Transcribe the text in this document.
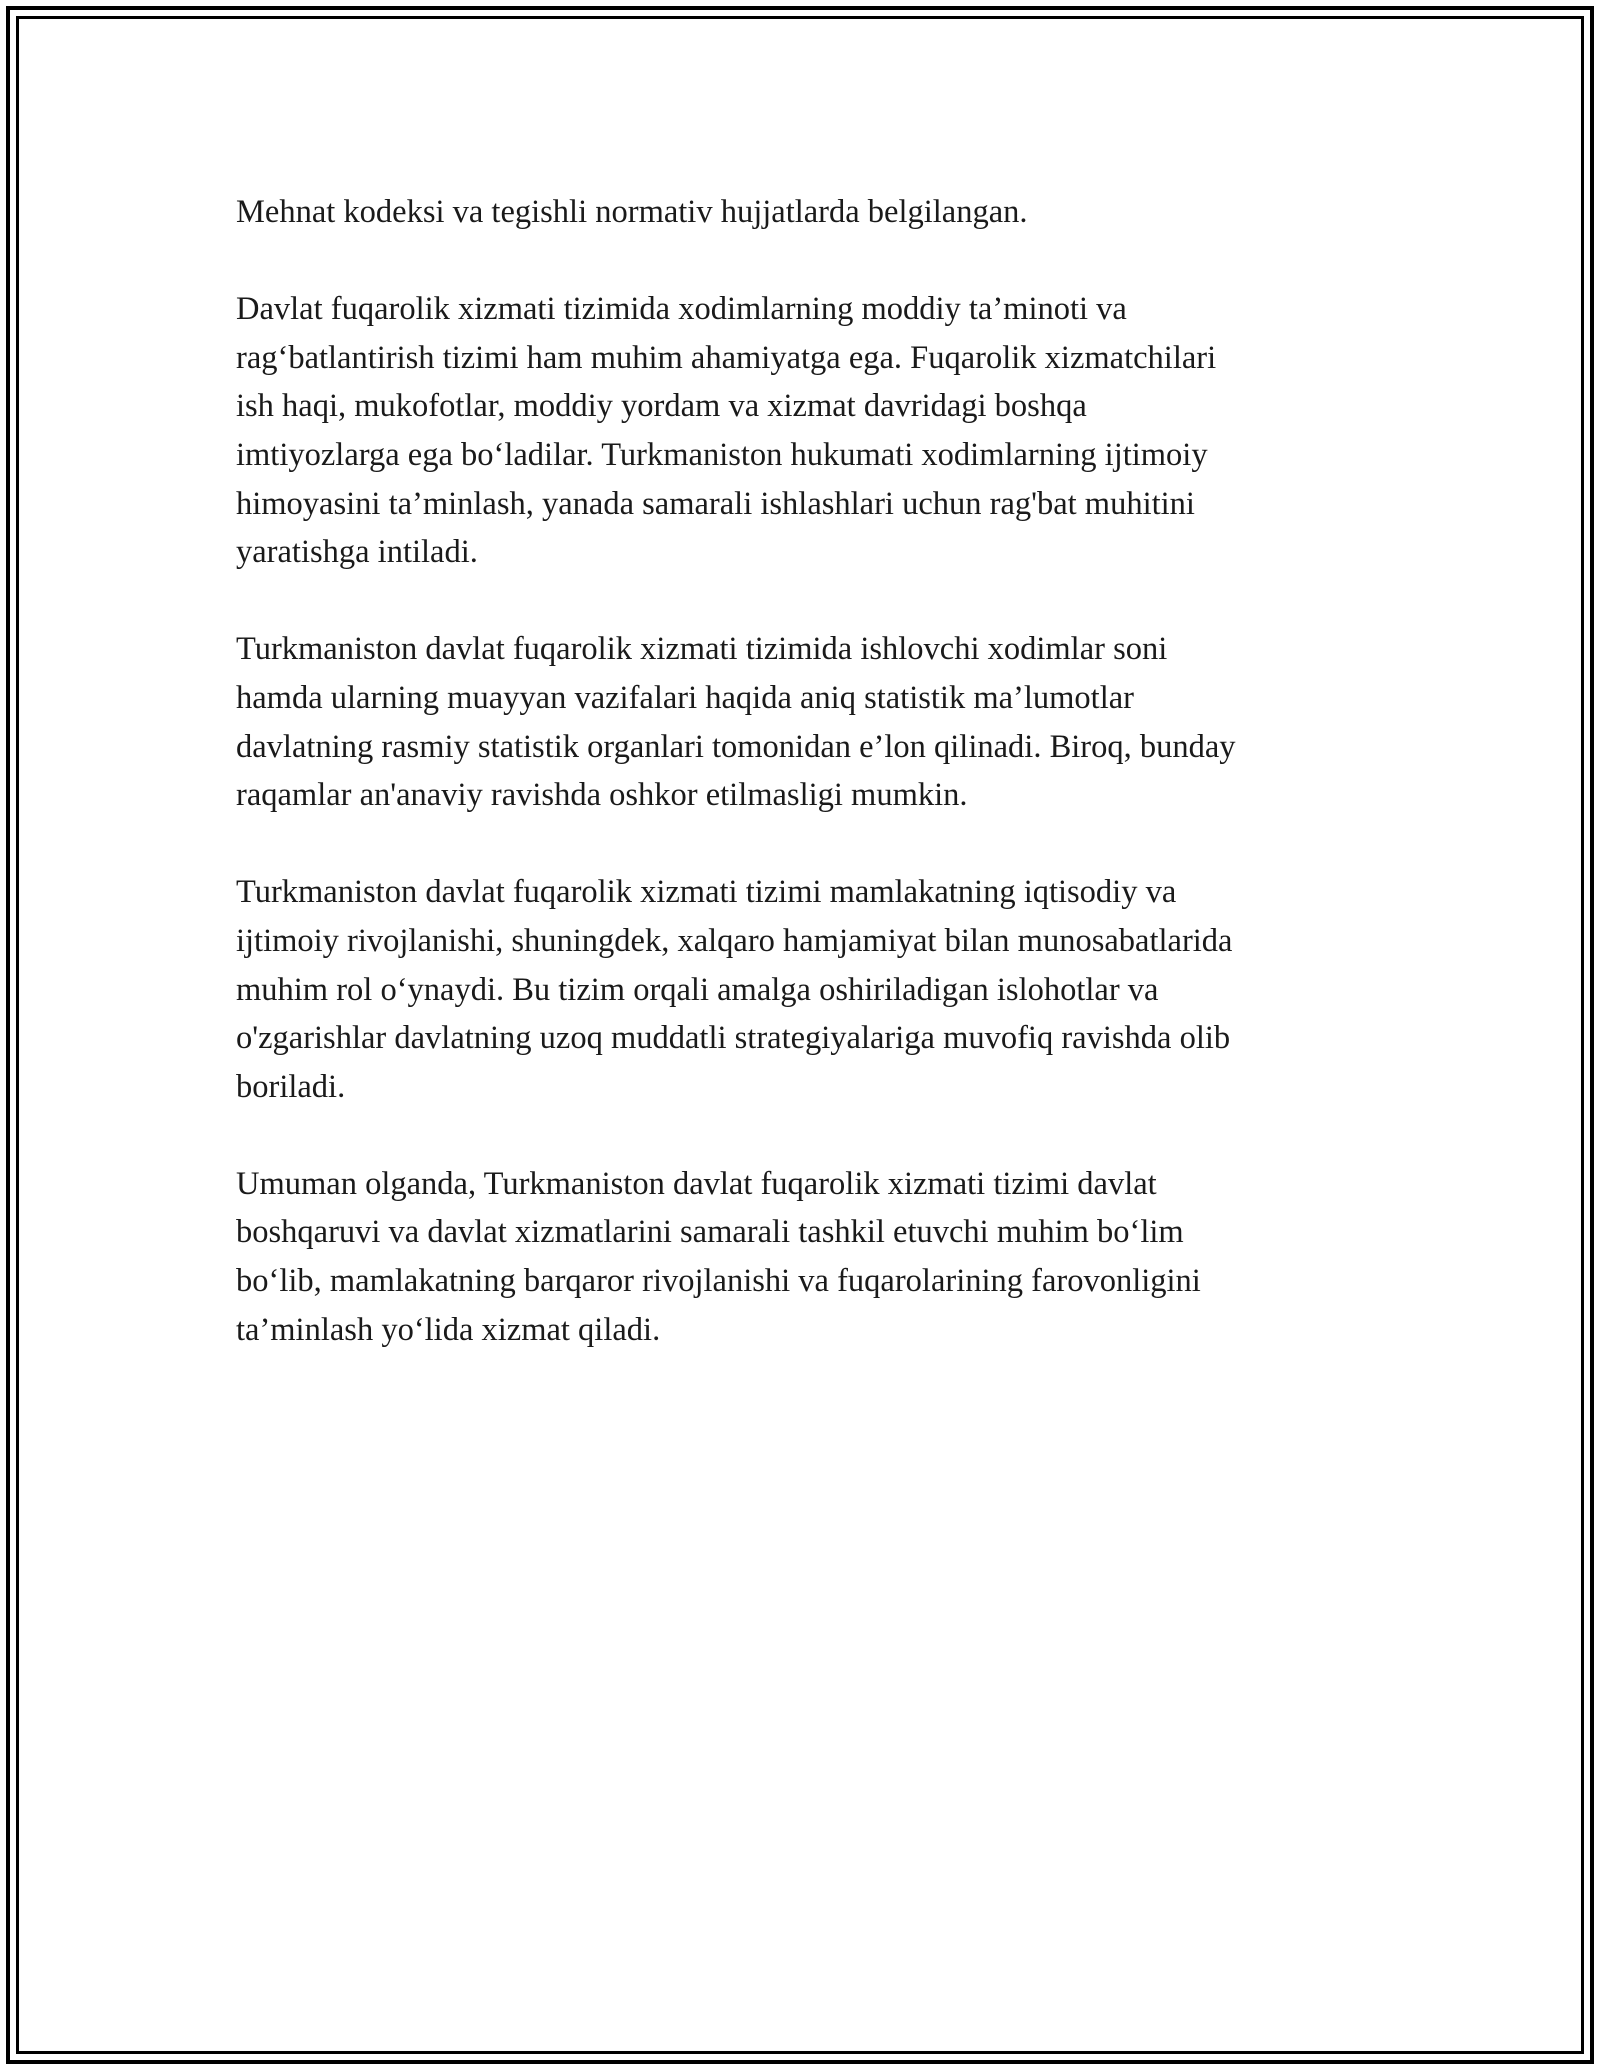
Mehnat kodeksi va tegishli normativ hujjatlarda belgilangan.

Davlat fuqarolik xizmati tizimida xodimlarning moddiy ta’minoti va
rag‘batlantirish tizimi ham muhim ahamiyatga ega. Fuqarolik xizmatchilari
ish haqi, mukofotlar, moddiy yordam va xizmat davridagi boshqa
imtiyozlarga ega bo‘ladilar. Turkmaniston hukumati xodimlarning ijtimoiy
himoyasini ta’minlash, yanada samarali ishlashlari uchun rag'bat muhitini
yaratishga intiladi.

Turkmaniston davlat fuqarolik xizmati tizimida ishlovchi xodimlar soni
hamda ularning muayyan vazifalari haqida aniq statistik ma’lumotlar
davlatning rasmiy statistik organlari tomonidan e’lon qilinadi. Biroq, bunday
raqamlar an'anaviy ravishda oshkor etilmasligi mumkin.

Turkmaniston davlat fuqarolik xizmati tizimi mamlakatning iqtisodiy va
ijtimoiy rivojlanishi, shuningdek, xalqaro hamjamiyat bilan munosabatlarida
muhim rol o‘ynaydi. Bu tizim orqali amalga oshiriladigan islohotlar va
o'zgarishlar davlatning uzoq muddatli strategiyalariga muvofiq ravishda olib
boriladi.

Umuman olganda, Turkmaniston davlat fuqarolik xizmati tizimi davlat
boshqaruvi va davlat xizmatlarini samarali tashkil etuvchi muhim bo‘lim
bo‘lib, mamlakatning barqaror rivojlanishi va fuqarolarining farovonligini
ta’minlash yo‘lida xizmat qiladi.
